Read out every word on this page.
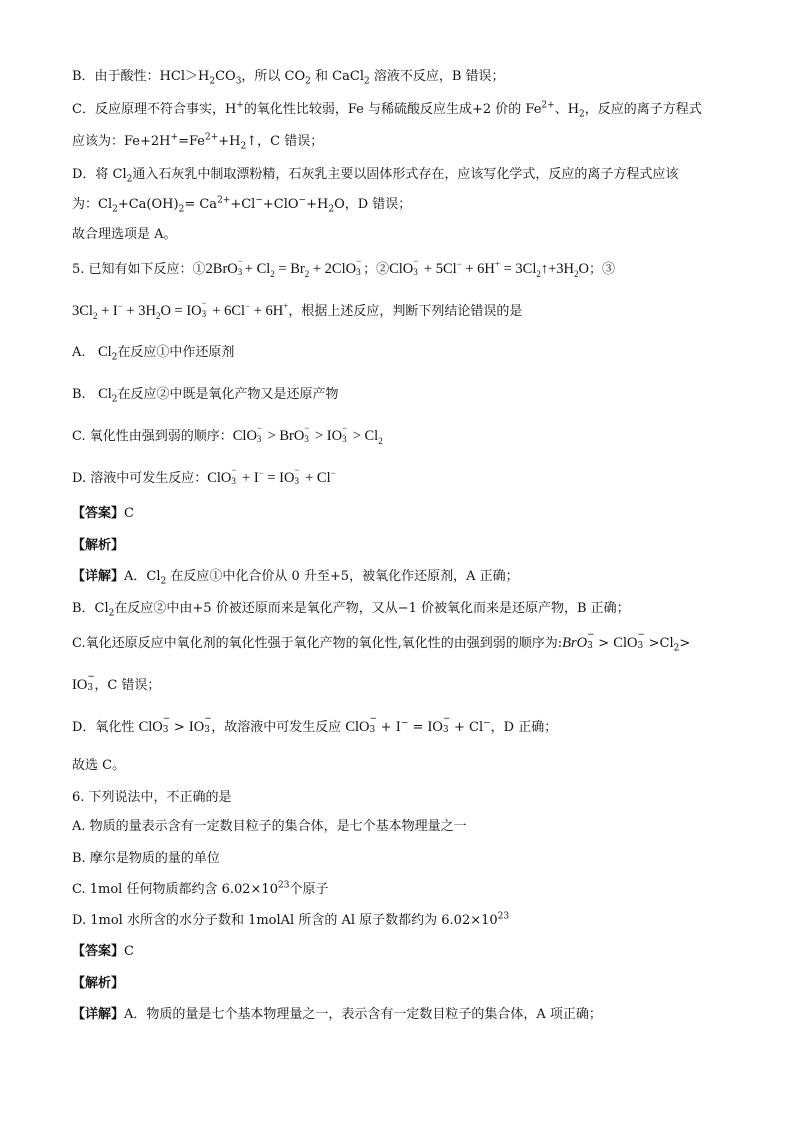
B．由于酸性：$HCl>H_2CO_3$，所以 $CO_2$ 和 CaCl$_2$ 溶液不反应，B 错误；
C．反应原理不符合事实，H+的氧化性比较弱，Fe 与稀硫酸反应生成+2 价的 $Fe^{2+}$、$H_2$，反应的离子方程式
应该为：$Fe+2H^+=Fe^{2+}+H_2↑$，C 错误；
D．将 $Cl_2$通入石灰乳中制取漂粉精，石灰乳主要以固体形式存在，应该写化学式，反应的离子方程式应该
为：$Cl_2+Ca(OH)_2= Ca^{2+}+Cl^-+ClO^-+H_2O$，D 错误；
故合理选项是 A。
5. 已知有如下反应：①2BrO −
$3 + Cl_2 = Br_2 + 2ClO$ −
3 ；②ClO −
$3 + 5Cl^- + 6H^+ = 3Cl_2↑+3H_2O$；③
$3Cl_2 + I^- + 3H_2O$ = IO −
3 + 6Cl− + 6H+，根据上述反应，判断下列结论错误的是
A. $Cl_2$在反应①中作还原剂
B. $Cl_2$在反应②中既是氧化产物又是还原产物
C. 氧化性由强到弱的顺序：ClO −
3 > BrO −
3 > IO −
$3 > Cl_2$
D. 溶液中可发生反应：ClO −
3 + I− = IO −
3 + Cl−
【答案】C
【解析】
【详解】A．$Cl_2$ 在反应①中化合价从 0 升至+5，被氧化作还原剂，A 正确；
B．$Cl_2$在反应②中由+5 价被还原而来是氧化产物，又从−1 价被氧化而来是还原产物，B 正确；
C.氧化还原反应中氧化剂的氧化性强于氧化产物的氧化性,氧化性的由强到弱的顺序为:BrO −
3 > ClO −
$3 >Cl_2>$
IO −
3 ，C 错误；
D．氧化性 ClO −
3 > IO −
3 ，故溶液中可发生反应 ClO −
3 + I− = IO −
3 + Cl−，D 正确；
故选 C。
6. 下列说法中，不正确的是
A. 物质的量表示含有一定数目粒子的集合体，是七个基本物理量之一
B. 摩尔是物质的量的单位
C. 1mol 任何物质都约含 $6.02\times 10^{23}$个原子
D. 1mol 水所含的水分子数和 1molAl 所含的 Al 原子数都约为 $6.02\times 10^{23}$
【答案】C
【解析】
【详解】A．物质的量是七个基本物理量之一，表示含有一定数目粒子的集合体，A 项正确；
